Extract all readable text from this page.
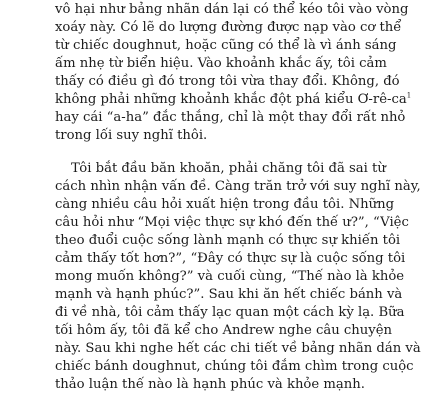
vô hại như bảng nhãn dán lại có thể kéo tôi vào vòng
xoáy này. Có lẽ do lượng đường được nạp vào cơ thể
từ chiếc doughnut, hoặc cũng có thể là vì ánh sáng
ấm nhẹ từ biển hiệu. Vào khoảnh khắc ấy, tôi cảm
thấy có điều gì đó trong tôi vừa thay đổi. Không, đó
không phải những khoảnh khắc đột phá kiểu $Ơ-rê-ca^1$
hay cái “a-ha” đắc thắng, chỉ là một thay đổi rất nhỏ
trong lối suy nghĩ thôi.
Tôi bắt đầu băn khoăn, phải chăng tôi đã sai từ
cách nhìn nhận vấn đề. Càng trăn trở với suy nghĩ này,
càng nhiều câu hỏi xuất hiện trong đầu tôi. Những
câu hỏi như “Mọi việc thực sự khó đến thế ư?”, “Việc
theo đuổi cuộc sống lành mạnh có thực sự khiến tôi
cảm thấy tốt hơn?”, “Đây có thực sự là cuộc sống tôi
mong muốn không?” và cuối cùng, “Thế nào là khỏe
mạnh và hạnh phúc?”. Sau khi ăn hết chiếc bánh và
đi về nhà, tôi cảm thấy lạc quan một cách kỳ lạ. Bữa
tối hôm ấy, tôi đã kể cho Andrew nghe câu chuyện
này. Sau khi nghe hết các chi tiết về bảng nhãn dán và
chiếc bánh doughnut, chúng tôi đắm chìm trong cuộc
thảo luận thế nào là hạnh phúc và khỏe mạnh.
